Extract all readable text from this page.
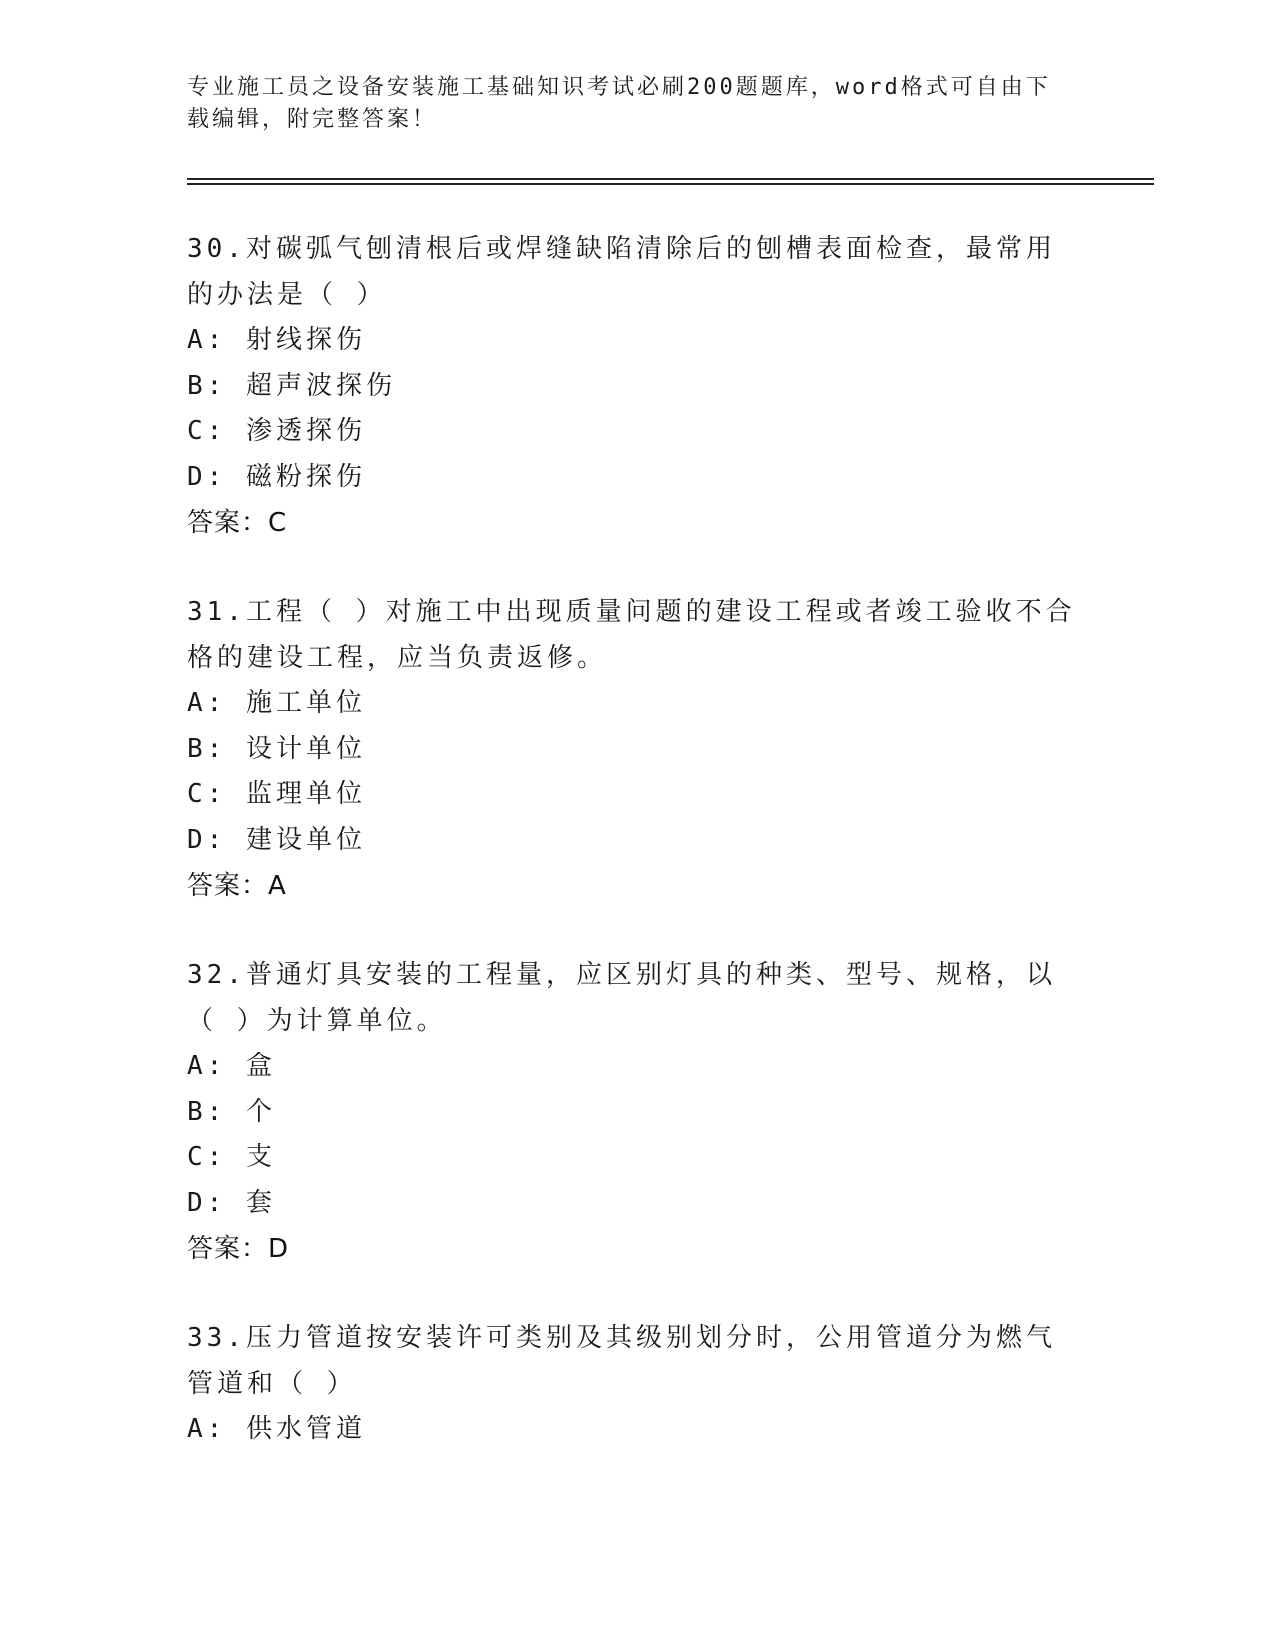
专业施工员之设备安装施工基础知识考试必刷200题题库，word格式可自由下载编辑，附完整答案！
30.对碳弧气刨清根后或焊缝缺陷清除后的刨槽表面检查，最常用的办法是（ ）
A: 射线探伤
B: 超声波探伤
C: 渗透探伤
D: 磁粉探伤
答案：C
31.工程（ ）对施工中出现质量问题的建设工程或者竣工验收不合格的建设工程，应当负责返修。
A: 施工单位
B: 设计单位
C: 监理单位
D: 建设单位
答案：A
32.普通灯具安装的工程量，应区别灯具的种类、型号、规格，以（ ）为计算单位。
A: 盒
B: 个
C: 支
D: 套
答案：D
33.压力管道按安装许可类别及其级别划分时，公用管道分为燃气管道和（ ）
A: 供水管道
